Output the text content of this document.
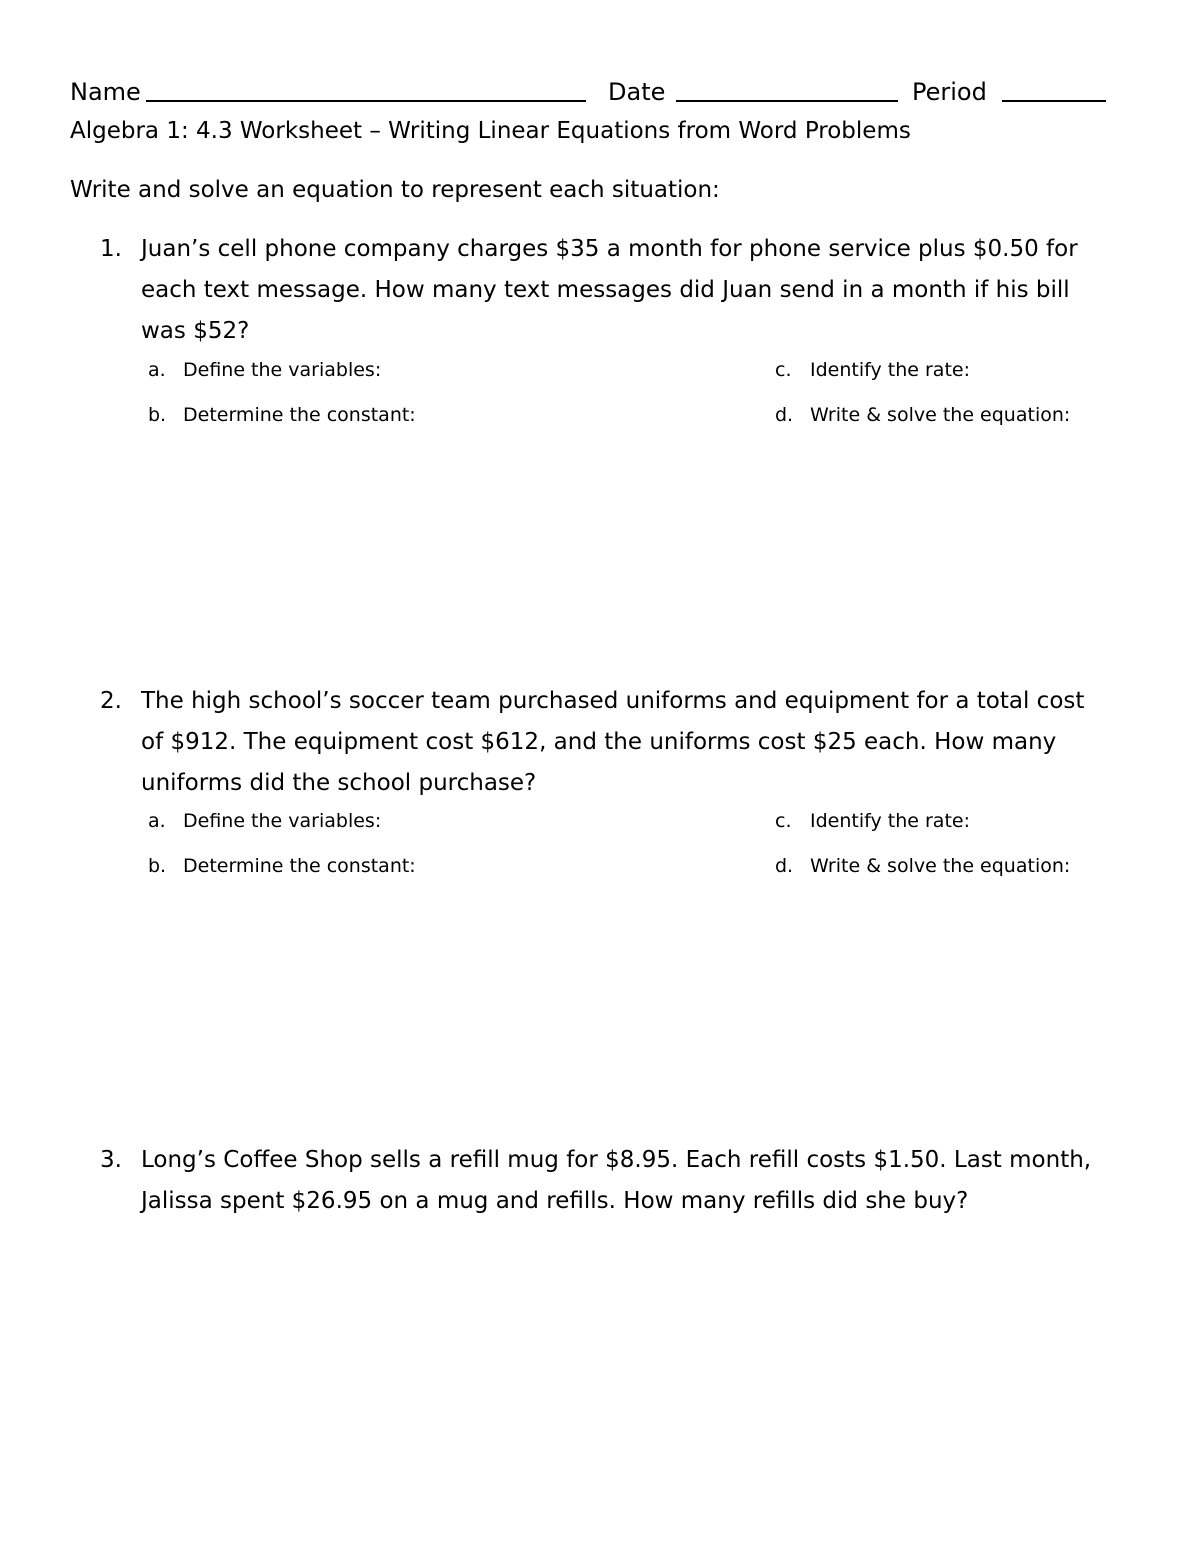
Name	Date	Period
Algebra 1: 4.3 Worksheet – Writing Linear Equations from Word Problems
Write and solve an equation to represent each situation:
1. Juan’s cell phone company charges $35 a month for phone service plus $0.50 for each text message. How many text messages did Juan send in a month if his bill was $52?
a. Define the variables:
b. Determine the constant:
c. Identify the rate:
d. Write & solve the equation:
2. The high school’s soccer team purchased uniforms and equipment for a total cost of $912. The equipment cost $612, and the uniforms cost $25 each. How many uniforms did the school purchase?
a. Define the variables:
b. Determine the constant:
c. Identify the rate:
d. Write & solve the equation:
3. Long’s Coffee Shop sells a refill mug for $8.95. Each refill costs $1.50. Last month, Jalissa spent $26.95 on a mug and refills. How many refills did she buy?
